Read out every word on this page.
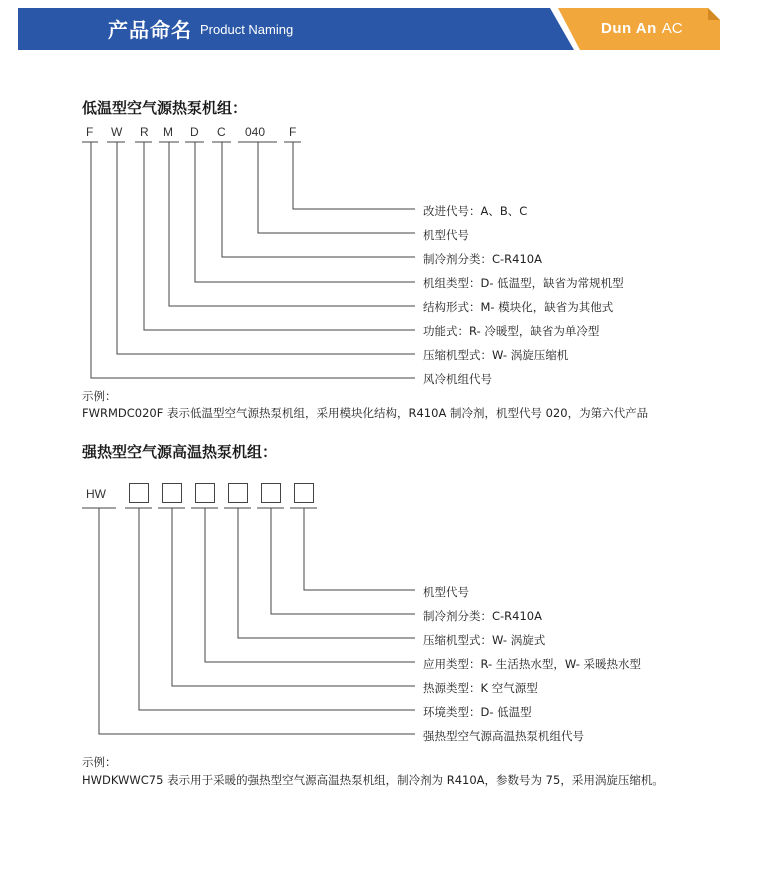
产品命名 Product Naming	Dun An AC
低温型空气源热泵机组：
F W R M D C 040 F
改进代号：A、B、C
机型代号
制冷剂分类：C-R410A
机组类型：D- 低温型，缺省为常规机型
结构形式：M- 模块化，缺省为其他式
功能式：R- 冷暖型，缺省为单冷型
压缩机型式：W- 涡旋压缩机
风冷机组代号
示例：
FWRMDC020F 表示低温型空气源热泵机组，采用模块化结构，R410A 制冷剂，机型代号 020，为第六代产品
强热型空气源高温热泵机组：
HW
机型代号
制冷剂分类：C-R410A
压缩机型式：W- 涡旋式
应用类型：R- 生活热水型，W- 采暖热水型
热源类型：K 空气源型
环境类型：D- 低温型
强热型空气源高温热泵机组代号
示例：
HWDKWWC75 表示用于采暖的强热型空气源高温热泵机组，制冷剂为 R410A，参数号为 75，采用涡旋压缩机。
